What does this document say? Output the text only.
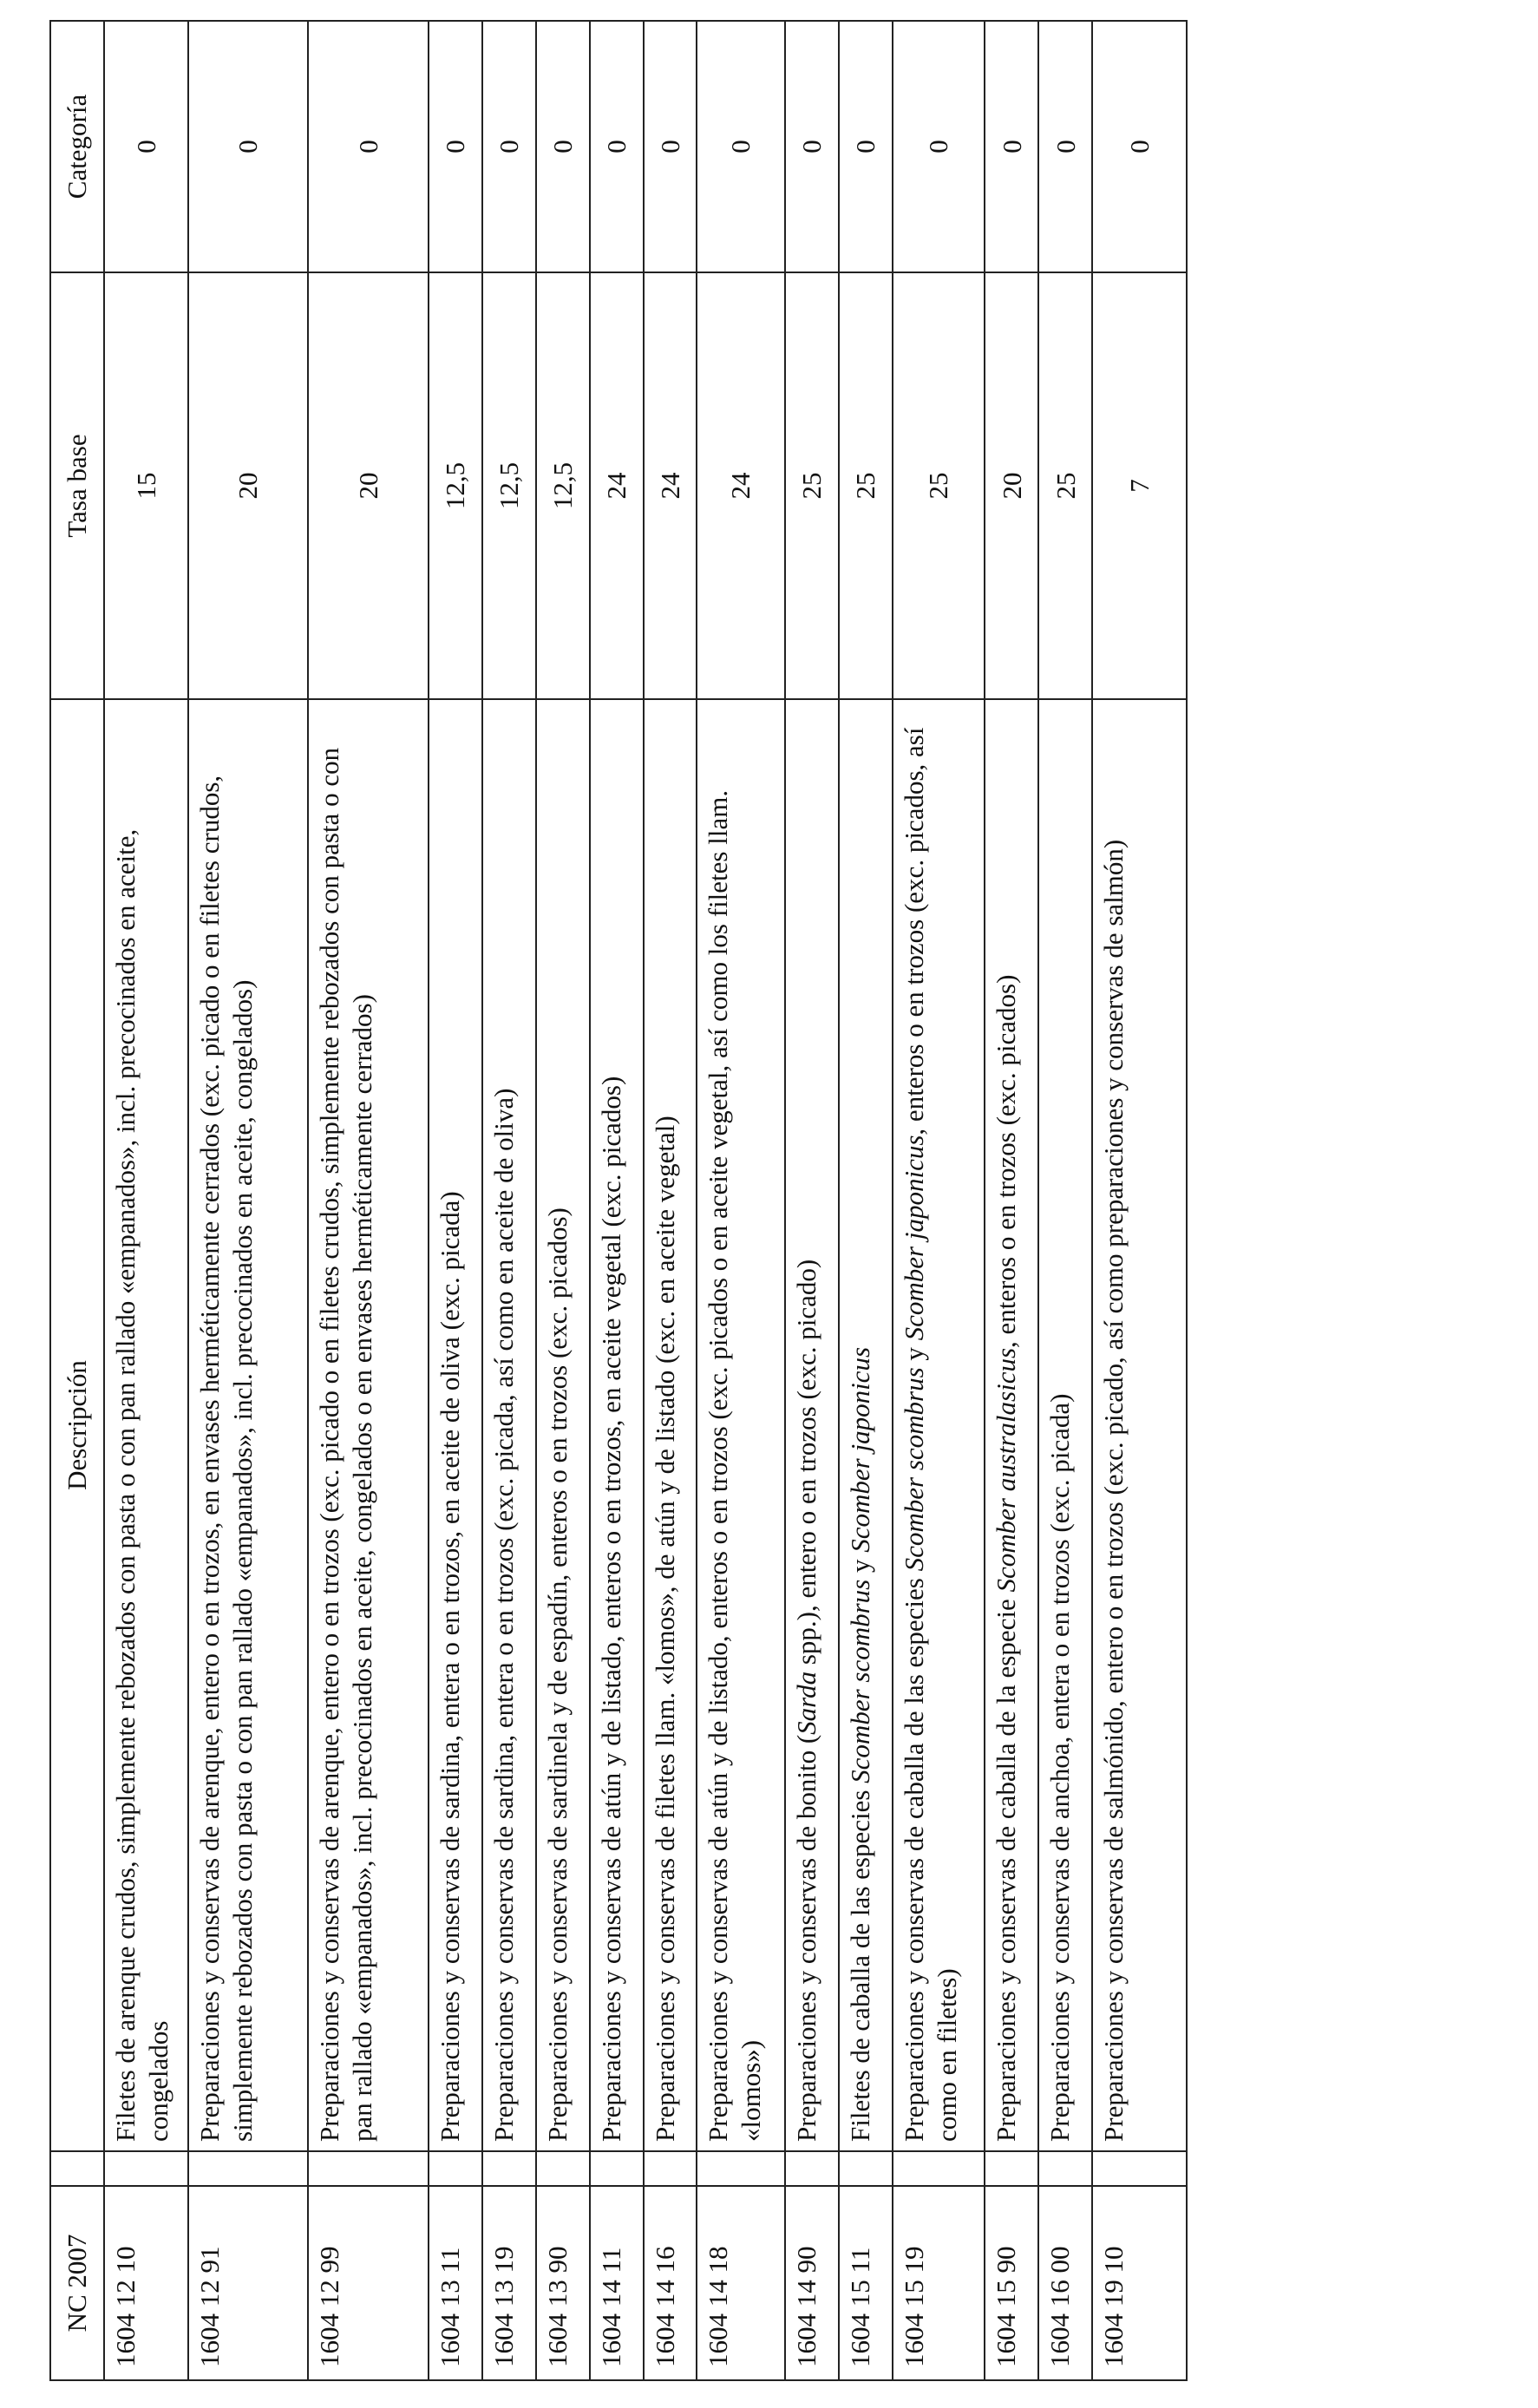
NC 2007		Descripción	Tasa base	Categoría
1604 12 10		Filetes de arenque crudos, simplemente rebozados con pasta o con pan rallado «empanados», incl. precocinados en aceite, congelados	15	0
1604 12 91		Preparaciones y conservas de arenque, entero o en trozos, en envases herméticamente cerrados (exc. picado o en filetes crudos, simplemente rebozados con pasta o con pan rallado «empanados», incl. precocinados en aceite, congelados)	20	0
1604 12 99		Preparaciones y conservas de arenque, entero o en trozos (exc. picado o en filetes crudos, simplemente rebozados con pasta o con pan rallado «empanados», incl. precocinados en aceite, congelados o en envases herméticamente cerrados)	20	0
1604 13 11		Preparaciones y conservas de sardina, entera o en trozos, en aceite de oliva (exc. picada)	12,5	0
1604 13 19		Preparaciones y conservas de sardina, entera o en trozos (exc. picada, así como en aceite de oliva)	12,5	0
1604 13 90		Preparaciones y conservas de sardinela y de espadín, enteros o en trozos (exc. picados)	12,5	0
1604 14 11		Preparaciones y conservas de atún y de listado, enteros o en trozos, en aceite vegetal (exc. picados)	24	0
1604 14 16		Preparaciones y conservas de filetes llam. «lomos», de atún y de listado (exc. en aceite vegetal)	24	0
1604 14 18		Preparaciones y conservas de atún y de listado, enteros o en trozos (exc. picados o en aceite vegetal, así como los filetes llam. «lomos»)	24	0
1604 14 90		Preparaciones y conservas de bonito (Sarda spp.), entero o en trozos (exc. picado)	25	0
1604 15 11		Filetes de caballa de las especies Scomber scombrus y Scomber japonicus	25	0
1604 15 19		Preparaciones y conservas de caballa de las especies Scomber scombrus y Scomber japonicus, enteros o en trozos (exc. picados, así como en filetes)	25	0
1604 15 90		Preparaciones y conservas de caballa de la especie Scomber australasicus, enteros o en trozos (exc. picados)	20	0
1604 16 00		Preparaciones y conservas de anchoa, entera o en trozos (exc. picada)	25	0
1604 19 10		Preparaciones y conservas de salmónido, entero o en trozos (exc. picado, así como preparaciones y conservas de salmón)	7	0
